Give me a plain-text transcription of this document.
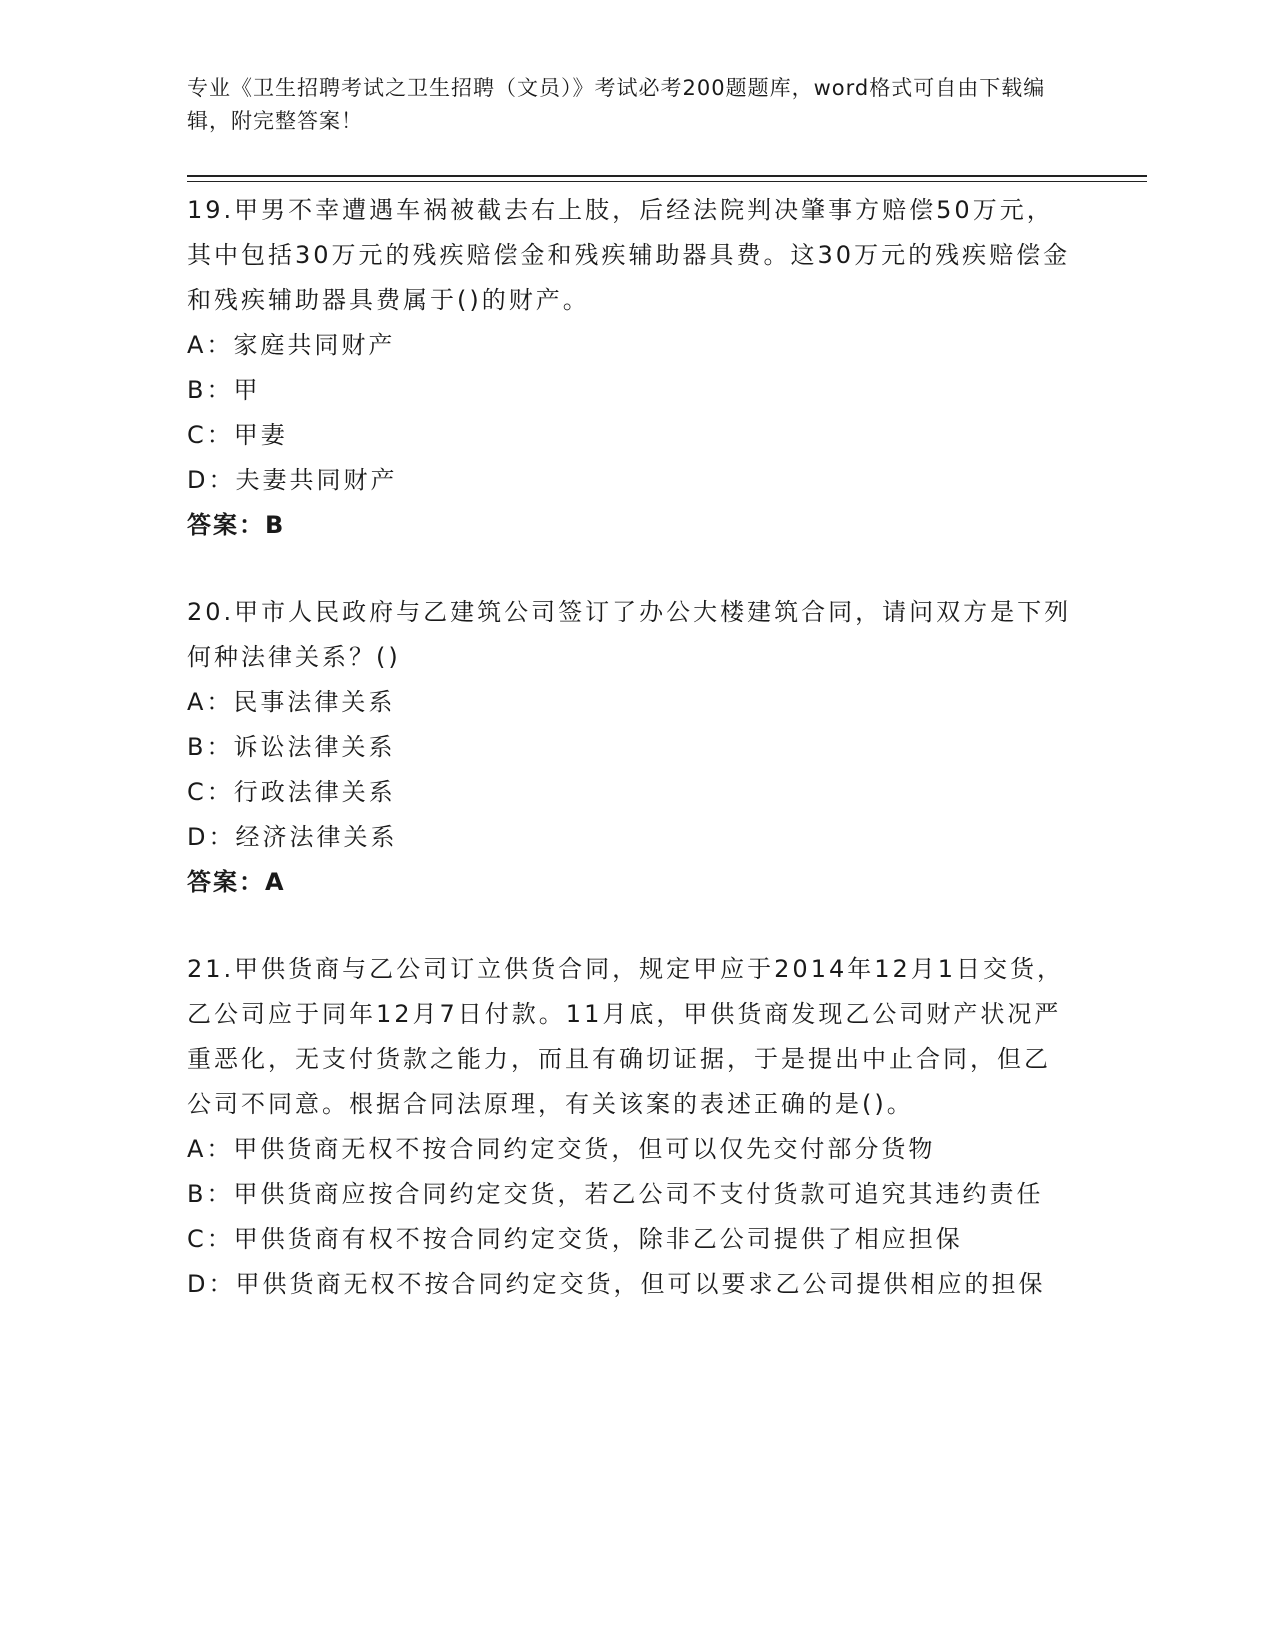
专业《卫生招聘考试之卫生招聘（文员）》考试必考200题题库，word格式可自由下载编辑，附完整答案！
19.甲男不幸遭遇车祸被截去右上肢，后经法院判决肇事方赔偿50万元，其中包括30万元的残疾赔偿金和残疾辅助器具费。这30万元的残疾赔偿金和残疾辅助器具费属于()的财产。
A：家庭共同财产
B：甲
C：甲妻
D：夫妻共同财产
答案：B
20.甲市人民政府与乙建筑公司签订了办公大楼建筑合同，请问双方是下列何种法律关系？()
A：民事法律关系
B：诉讼法律关系
C：行政法律关系
D：经济法律关系
答案：A
21.甲供货商与乙公司订立供货合同，规定甲应于2014年12月1日交货，乙公司应于同年12月7日付款。11月底，甲供货商发现乙公司财产状况严重恶化，无支付货款之能力，而且有确切证据，于是提出中止合同，但乙公司不同意。根据合同法原理，有关该案的表述正确的是()。
A：甲供货商无权不按合同约定交货，但可以仅先交付部分货物
B：甲供货商应按合同约定交货，若乙公司不支付货款可追究其违约责任
C：甲供货商有权不按合同约定交货，除非乙公司提供了相应担保
D：甲供货商无权不按合同约定交货，但可以要求乙公司提供相应的担保
